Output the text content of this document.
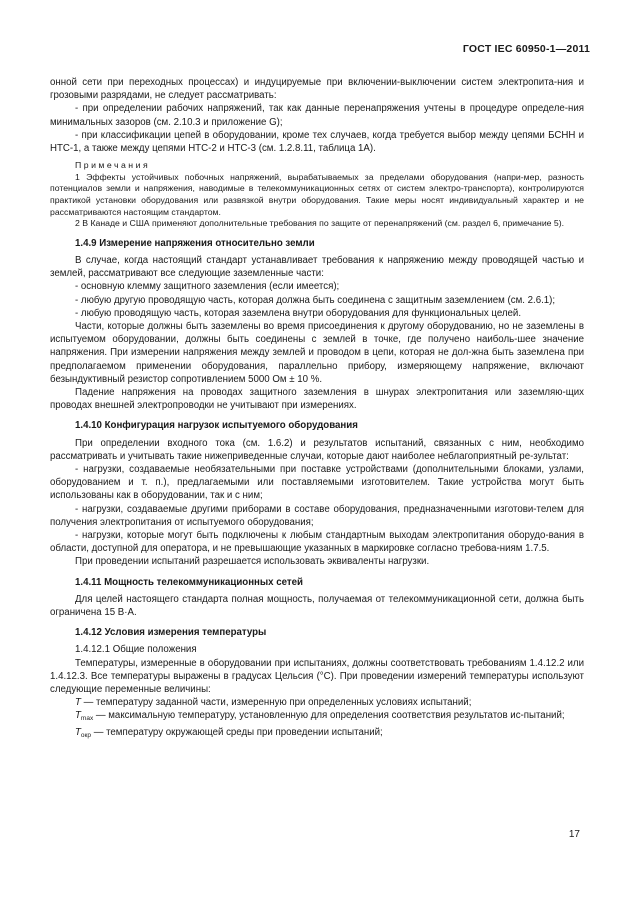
ГОСТ IEC 60950-1—2011

онной сети при переходных процессах) и индуцируемые при включении-выключении систем электропита-ния и грозовыми разрядами, не следует рассматривать:

- при определении рабочих напряжений, так как данные перенапряжения учтены в процедуре определе-ния минимальных зазоров (см. 2.10.3 и приложение G);

- при классификации цепей в оборудовании, кроме тех случаев, когда требуется выбор между цепями БСНН и НТС-1, а также между цепями НТС-2 и НТС-3 (см. 1.2.8.11, таблица 1А).

Примечания

1 Эффекты устойчивых побочных напряжений, вырабатываемых за пределами оборудования (напри-мер, разность потенциалов земли и напряжения, наводимые в телекоммуникационных сетях от систем электро-транспорта), контролируются практикой установки оборудования или развязкой внутри оборудования. Такие меры носят индивидуальный характер и не рассматриваются настоящим стандартом.

2 В Канаде и США применяют дополнительные требования по защите от перенапряжений (см. раздел 6, примечание 5).

1.4.9 Измерение напряжения относительно земли

В случае, когда настоящий стандарт устанавливает требования к напряжению между проводящей частью и землей, рассматривают все следующие заземленные части:

- основную клемму защитного заземления (если имеется);

- любую другую проводящую часть, которая должна быть соединена с защитным заземлением (см. 2.6.1);

- любую проводящую часть, которая заземлена внутри оборудования для функциональных целей.

Части, которые должны быть заземлены во время присоединения к другому оборудованию, но не заземлены в испытуемом оборудовании, должны быть соединены с землей в точке, где получено наиболь-шее значение напряжения. При измерении напряжения между землей и проводом в цепи, которая не дол-жна быть заземлена при предполагаемом применении оборудования, параллельно прибору, измеряющему напряжение, включают безындуктивный резистор сопротивлением 5000 Ом ± 10 %.

Падение напряжения на проводах защитного заземления в шнурах электропитания или заземляю-щих проводах внешней электропроводки не учитывают при измерениях.

1.4.10 Конфигурация нагрузок испытуемого оборудования

При определении входного тока (см. 1.6.2) и результатов испытаний, связанных с ним, необходимо рассматривать и учитывать такие нижеприведенные случаи, которые дают наиболее неблагоприятный ре-зультат:

- нагрузки, создаваемые необязательными при поставке устройствами (дополнительными блоками, узлами, оборудованием и т. п.), предлагаемыми или поставляемыми изготовителем. Такие устройства могут быть использованы как в оборудовании, так и с ним;

- нагрузки, создаваемые другими приборами в составе оборудования, предназначенными изготови-телем для получения электропитания от испытуемого оборудования;

- нагрузки, которые могут быть подключены к любым стандартным выходам электропитания оборудо-вания в области, доступной для оператора, и не превышающие указанных в маркировке согласно требова-ниям 1.7.5.

При проведении испытаний разрешается использовать эквиваленты нагрузки.

1.4.11 Мощность телекоммуникационных сетей

Для целей настоящего стандарта полная мощность, получаемая от телекоммуникационной сети, должна быть ограничена 15 В·А.

1.4.12 Условия измерения температуры

1.4.12.1 Общие положения

Температуры, измеренные в оборудовании при испытаниях, должны соответствовать требованиям 1.4.12.2 или 1.4.12.3. Все температуры выражены в градусах Цельсия (°С). При проведении измерений температуры используют следующие переменные величины:

T — температуру заданной части, измеренную при определенных условиях испытаний;

$T_{max}$ — максимальную температуру, установленную для определения соответствия результатов ис-пытаний;

$T_{окр}$ — температуру окружающей среды при проведении испытаний;

17
